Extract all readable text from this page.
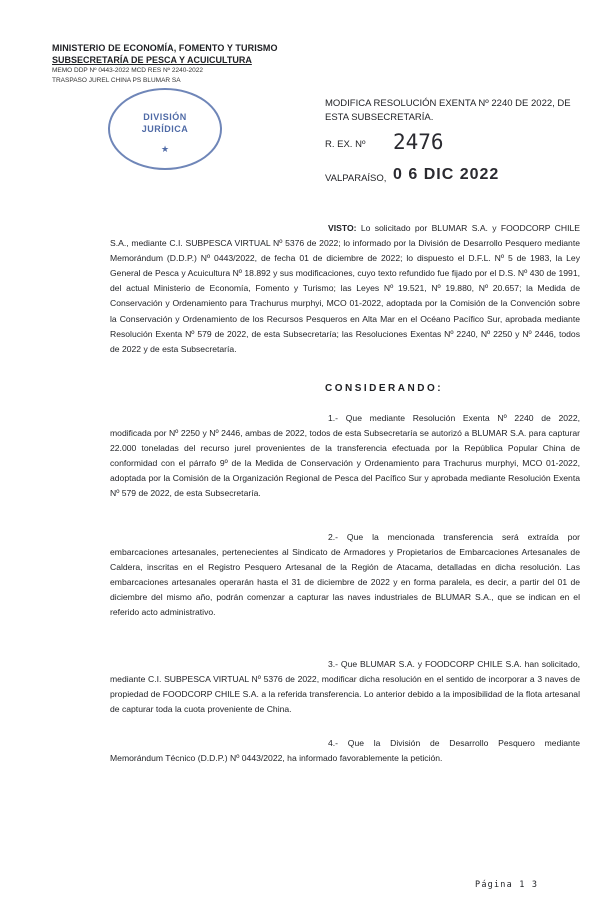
MINISTERIO DE ECONOMÍA, FOMENTO Y TURISMO
SUBSECRETARÍA DE PESCA Y ACUICULTURA
MEMO DDP Nº 0443-2022 MCD RES Nº 2240-2022
TRASPASO JUREL CHINA PS BLUMAR SA
DIVISIÓN
JURÍDICA
★
MODIFICA RESOLUCIÓN EXENTA Nº 2240 DE 2022, DE ESTA SUBSECRETARÍA.
R. EX. Nº 2476
VALPARAÍSO, 0 6 DIC 2022
VISTO: Lo solicitado por BLUMAR S.A. y FOODCORP CHILE S.A., mediante C.I. SUBPESCA VIRTUAL Nº 5376 de 2022; lo informado por la División de Desarrollo Pesquero mediante Memorándum (D.D.P.) Nº 0443/2022, de fecha 01 de diciembre de 2022; lo dispuesto el D.F.L. Nº 5 de 1983, la Ley General de Pesca y Acuicultura Nº 18.892 y sus modificaciones, cuyo texto refundido fue fijado por el D.S. Nº 430 de 1991, del actual Ministerio de Economía, Fomento y Turismo; las Leyes Nº 19.521, Nº 19.880, Nº 20.657; la Medida de Conservación y Ordenamiento para Trachurus murphyi, MCO 01-2022, adoptada por la Comisión de la Convención sobre la Conservación y Ordenamiento de los Recursos Pesqueros en Alta Mar en el Océano Pacífico Sur, aprobada mediante Resolución Exenta Nº 579 de 2022, de esta Subsecretaría; las Resoluciones Exentas Nº 2240, Nº 2250 y Nº 2446, todos de 2022 y de esta Subsecretaría.
CONSIDERANDO:
1.- Que mediante Resolución Exenta Nº 2240 de 2022, modificada por Nº 2250 y Nº 2446, ambas de 2022, todos de esta Subsecretaría se autorizó a BLUMAR S.A. para capturar 22.000 toneladas del recurso jurel provenientes de la transferencia efectuada por la República Popular China de conformidad con el párrafo 9º de la Medida de Conservación y Ordenamiento para Trachurus murphyi, MCO 01-2022, adoptada por la Comisión de la Organización Regional de Pesca del Pacífico Sur y aprobada mediante Resolución Exenta Nº 579 de 2022, de esta Subsecretaría.
2.- Que la mencionada transferencia será extraída por embarcaciones artesanales, pertenecientes al Sindicato de Armadores y Propietarios de Embarcaciones Artesanales de Caldera, inscritas en el Registro Pesquero Artesanal de la Región de Atacama, detalladas en dicha resolución. Las embarcaciones artesanales operarán hasta el 31 de diciembre de 2022 y en forma paralela, es decir, a partir del 01 de diciembre del mismo año, podrán comenzar a capturar las naves industriales de BLUMAR S.A., que se indican en el referido acto administrativo.
3.- Que BLUMAR S.A. y FOODCORP CHILE S.A. han solicitado, mediante C.I. SUBPESCA VIRTUAL Nº 5376 de 2022, modificar dicha resolución en el sentido de incorporar a 3 naves de propiedad de FOODCORP CHILE S.A. a la referida transferencia. Lo anterior debido a la imposibilidad de la flota artesanal de capturar toda la cuota proveniente de China.
4.- Que la División de Desarrollo Pesquero mediante Memorándum Técnico (D.D.P.) Nº 0443/2022, ha informado favorablemente la petición.
Página 1 3
